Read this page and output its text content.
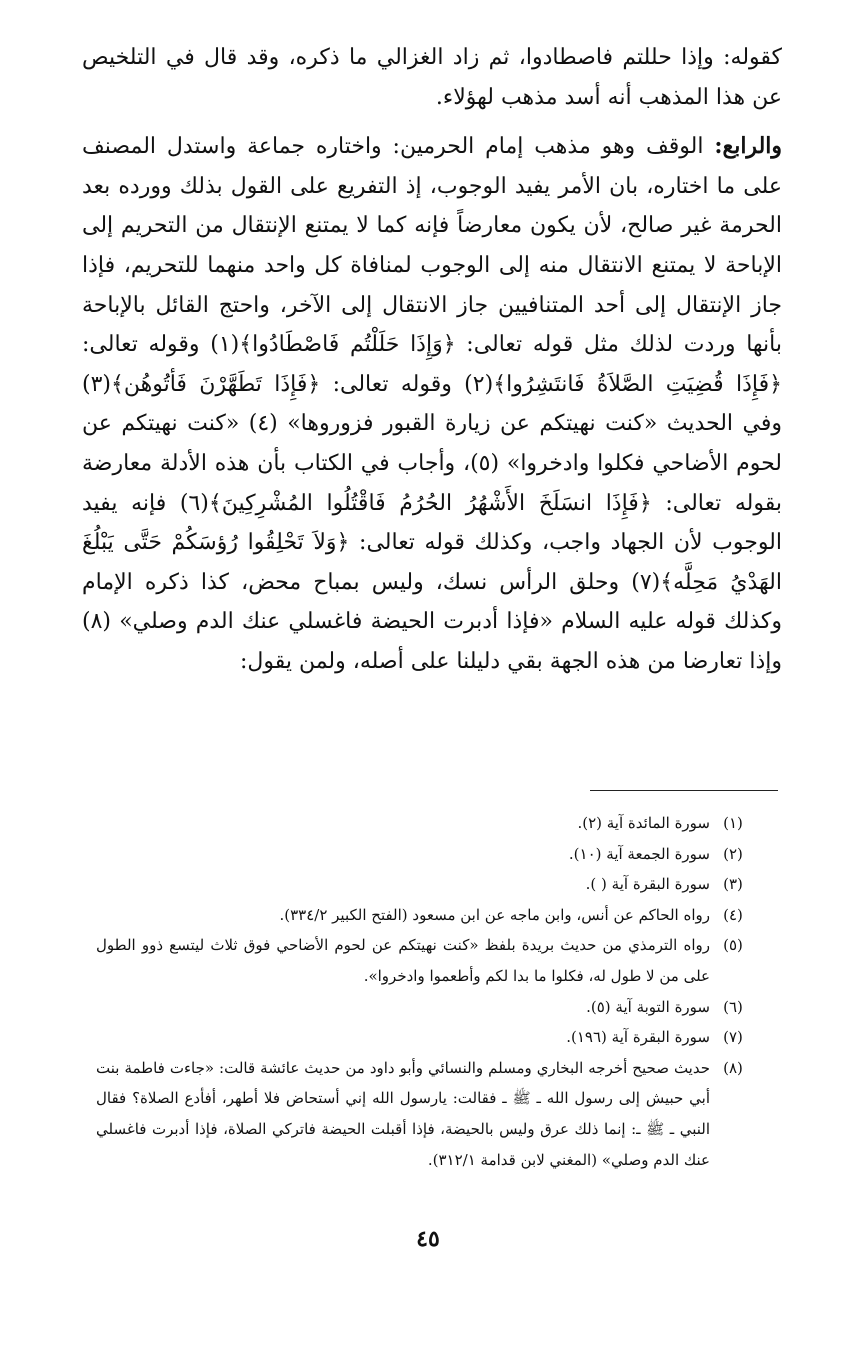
كقوله: وإذا حللتم فاصطادوا، ثم زاد الغزالي ما ذكره، وقد قال في التلخيص عن هذا المذهب أنه أسد مذهب لهؤلاء.

والرابع: الوقف وهو مذهب إمام الحرمين: واختاره جماعة واستدل المصنف على ما اختاره، بان الأمر يفيد الوجوب، إذ التفريع على القول بذلك وورده بعد الحرمة غير صالح، لأن يكون معارضاً فإنه كما لا يمتنع الإنتقال من التحريم إلى الإباحة لا يمتنع الانتقال منه إلى الوجوب لمنافاة كل واحد منهما للتحريم، فإذا جاز الإنتقال إلى أحد المتنافيين جاز الانتقال إلى الآخر، واحتج القائل بالإباحة بأنها وردت لذلك مثل قوله تعالى: ﴿وَإِذَا حَلَلْتُم فَاصْطَادُوا﴾(١) وقوله تعالى: ﴿فَإِذَا قُضِيَتِ الصَّلاَةُ فَانتَشِرُوا﴾(٢) وقوله تعالى: ﴿فَإِذَا تَطَهَّرْنَ فَأتُوهُن﴾(٣) وفي الحديث «كنت نهيتكم عن زيارة القبور فزوروها» (٤) «كنت نهيتكم عن لحوم الأضاحي فكلوا وادخروا» (٥)، وأجاب في الكتاب بأن هذه الأدلة معارضة بقوله تعالى: ﴿فَإِذَا انسَلَخَ الأَشْهُرُ الحُرُمُ فَاقْتُلُوا المُشْرِكِينَ﴾(٦) فإنه يفيد الوجوب لأن الجهاد واجب، وكذلك قوله تعالى: ﴿وَلاَ تَحْلِقُوا رُؤسَكُمْ حَتَّى يَبْلُغَ الهَدْيُ مَحِلَّه﴾(٧) وحلق الرأس نسك، وليس بمباح محض، كذا ذكره الإمام وكذلك قوله عليه السلام «فإذا أدبرت الحيضة فاغسلي عنك الدم وصلي» (٨) وإذا تعارضا من هذه الجهة بقي دليلنا على أصله، ولمن يقول:

(١)
سورة المائدة آية (٢).
(٢)
سورة الجمعة آية (١٠).
(٣)
سورة البقرة آية ( ).
(٤)
رواه الحاكم عن أنس، وابن ماجه عن ابن مسعود (الفتح الكبير ٣٣٤/٢).
(٥)
رواه الترمذي من حديث بريدة بلفظ «كنت نهيتكم عن لحوم الأضاحي فوق ثلاث ليتسع ذوو الطول على من لا طول له، فكلوا ما بدا لكم وأطعموا وادخروا».
(٦)
سورة التوبة آية (٥).
(٧)
سورة البقرة آية (١٩٦).
(٨)
حديث صحيح أخرجه البخاري ومسلم والنسائي وأبو داود من حديث عائشة قالت: «جاءت فاطمة بنت أبي حبيش إلى رسول الله ـ ﷺ ـ فقالت: يارسول الله إني أستحاض فلا أطهر، أفأدع الصلاة؟ فقال النبي ـ ﷺ ـ: إنما ذلك عرق وليس بالحيضة، فإذا أقبلت الحيضة فاتركي الصلاة، فإذا أدبرت فاغسلي عنك الدم وصلي» (المغني لابن قدامة ٣١٢/١).
٤٥
